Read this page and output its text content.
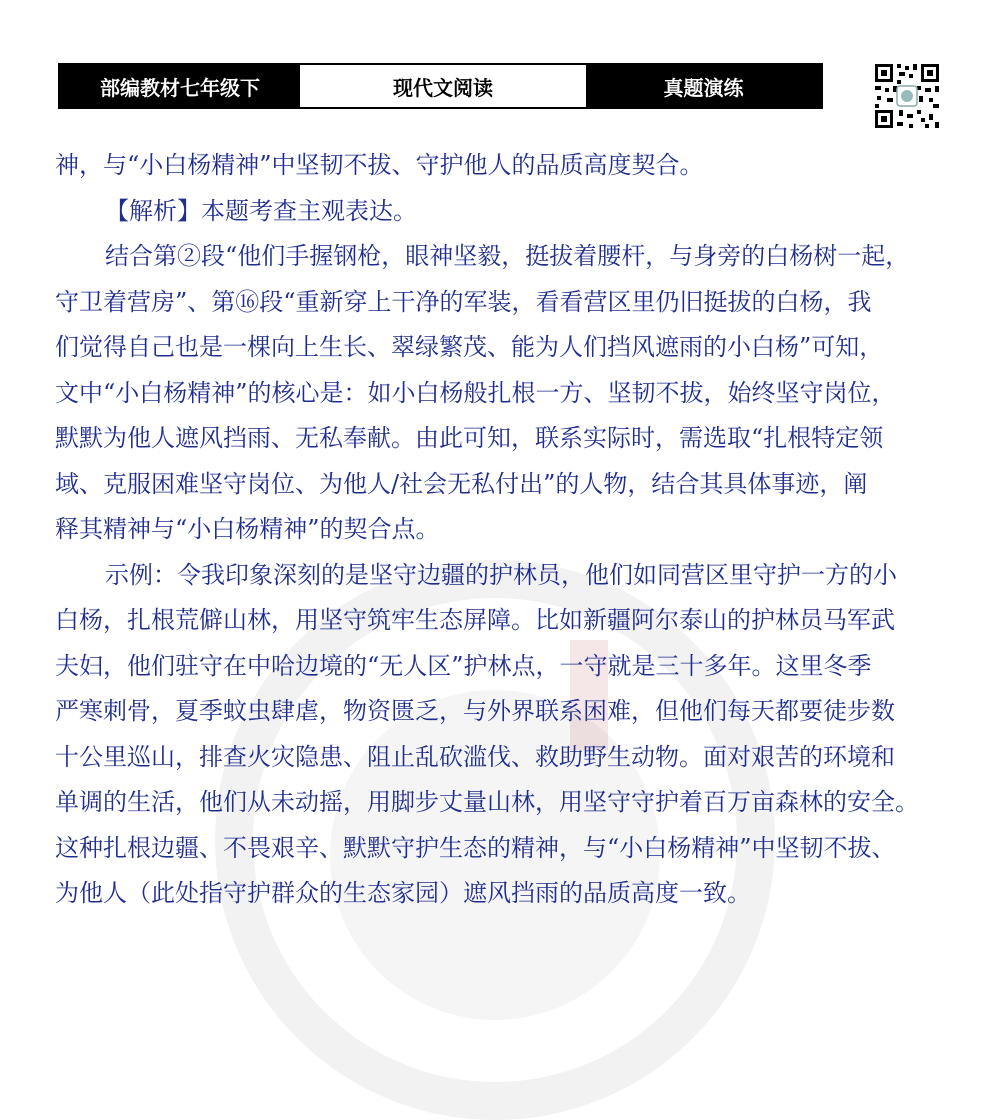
部编教材七年级下	现代文阅读	真题演练

神，与“小白杨精神”中坚韧不拔、守护他人的品质高度契合。

【解析】本题考查主观表达。

结合第②段“他们手握钢枪，眼神坚毅，挺拔着腰杆，与身旁的白杨树一起，

守卫着营房”、第⑯段“重新穿上干净的军装，看看营区里仍旧挺拔的白杨，我

们觉得自己也是一棵向上生长、翠绿繁茂、能为人们挡风遮雨的小白杨”可知，

文中“小白杨精神”的核心是：如小白杨般扎根一方、坚韧不拔，始终坚守岗位，

默默为他人遮风挡雨、无私奉献。由此可知，联系实际时，需选取“扎根特定领

域、克服困难坚守岗位、为他人/社会无私付出”的人物，结合其具体事迹，阐

释其精神与“小白杨精神”的契合点。

示例：令我印象深刻的是坚守边疆的护林员，他们如同营区里守护一方的小

白杨，扎根荒僻山林，用坚守筑牢生态屏障。比如新疆阿尔泰山的护林员马军武

夫妇，他们驻守在中哈边境的“无人区”护林点，一守就是三十多年。这里冬季

严寒刺骨，夏季蚊虫肆虐，物资匮乏，与外界联系困难，但他们每天都要徒步数

十公里巡山，排查火灾隐患、阻止乱砍滥伐、救助野生动物。面对艰苦的环境和

单调的生活，他们从未动摇，用脚步丈量山林，用坚守守护着百万亩森林的安全。

这种扎根边疆、不畏艰辛、默默守护生态的精神，与“小白杨精神”中坚韧不拔、

为他人（此处指守护群众的生态家园）遮风挡雨的品质高度一致。
